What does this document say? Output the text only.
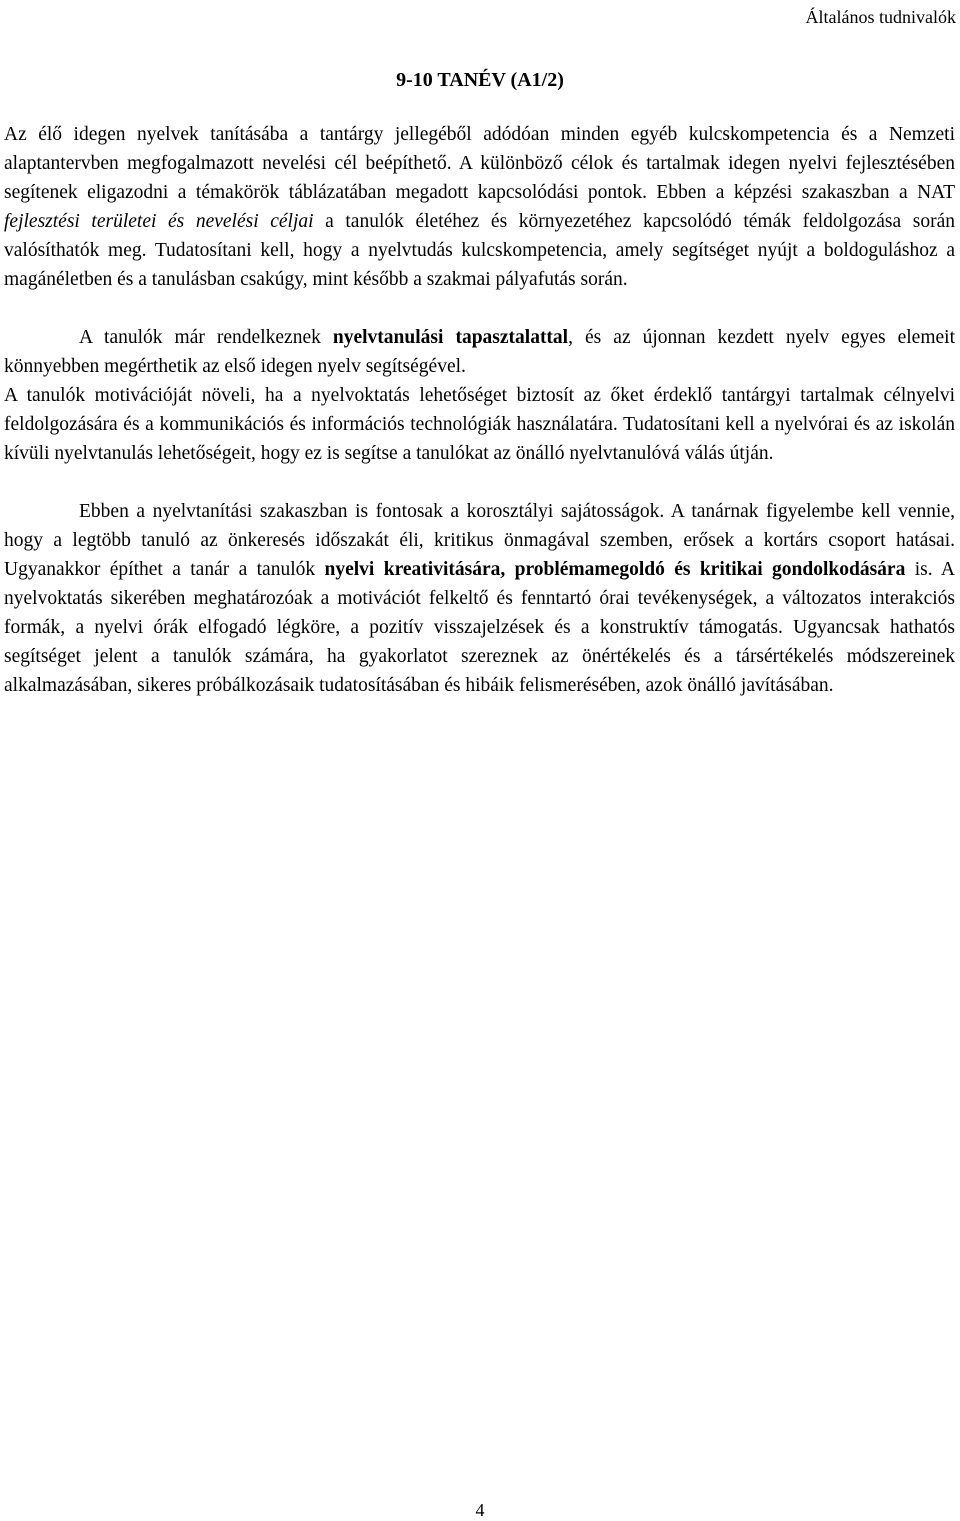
Általános tudnivalók
9-10 TANÉV (A1/2)

Az élő idegen nyelvek tanításába a tantárgy jellegéből adódóan minden egyéb kulcskompetencia és a Nemzeti alaptantervben megfogalmazott nevelési cél beépíthető. A különböző célok és tartalmak idegen nyelvi fejlesztésében segítenek eligazodni a témakörök táblázatában megadott kapcsolódási pontok. Ebben a képzési szakaszban a NAT fejlesztési területei és nevelési céljai a tanulók életéhez és környezetéhez kapcsolódó témák feldolgozása során valósíthatók meg. Tudatosítani kell, hogy a nyelvtudás kulcskompetencia, amely segítséget nyújt a boldoguláshoz a magánéletben és a tanulásban csakúgy, mint később a szakmai pályafutás során.

A tanulók már rendelkeznek nyelvtanulási tapasztalattal, és az újonnan kezdett nyelv egyes elemeit könnyebben megérthetik az első idegen nyelv segítségével.

A tanulók motivációját növeli, ha a nyelvoktatás lehetőséget biztosít az őket érdeklő tantárgyi tartalmak célnyelvi feldolgozására és a kommunikációs és információs technológiák használatára. Tudatosítani kell a nyelvórai és az iskolán kívüli nyelvtanulás lehetőségeit, hogy ez is segítse a tanulókat az önálló nyelvtanulóvá válás útján.

Ebben a nyelvtanítási szakaszban is fontosak a korosztályi sajátosságok. A tanárnak figyelembe kell vennie, hogy a legtöbb tanuló az önkeresés időszakát éli, kritikus önmagával szemben, erősek a kortárs csoport hatásai. Ugyanakkor építhet a tanár a tanulók nyelvi kreativitására, problémamegoldó és kritikai gondolkodására is. A nyelvoktatás sikerében meghatározóak a motivációt felkeltő és fenntartó órai tevékenységek, a változatos interakciós formák, a nyelvi órák elfogadó légköre, a pozitív visszajelzések és a konstruktív támogatás. Ugyancsak hathatós segítséget jelent a tanulók számára, ha gyakorlatot szereznek az önértékelés és a társértékelés módszereinek alkalmazásában, sikeres próbálkozásaik tudatosításában és hibáik felismerésében, azok önálló javításában.

4
